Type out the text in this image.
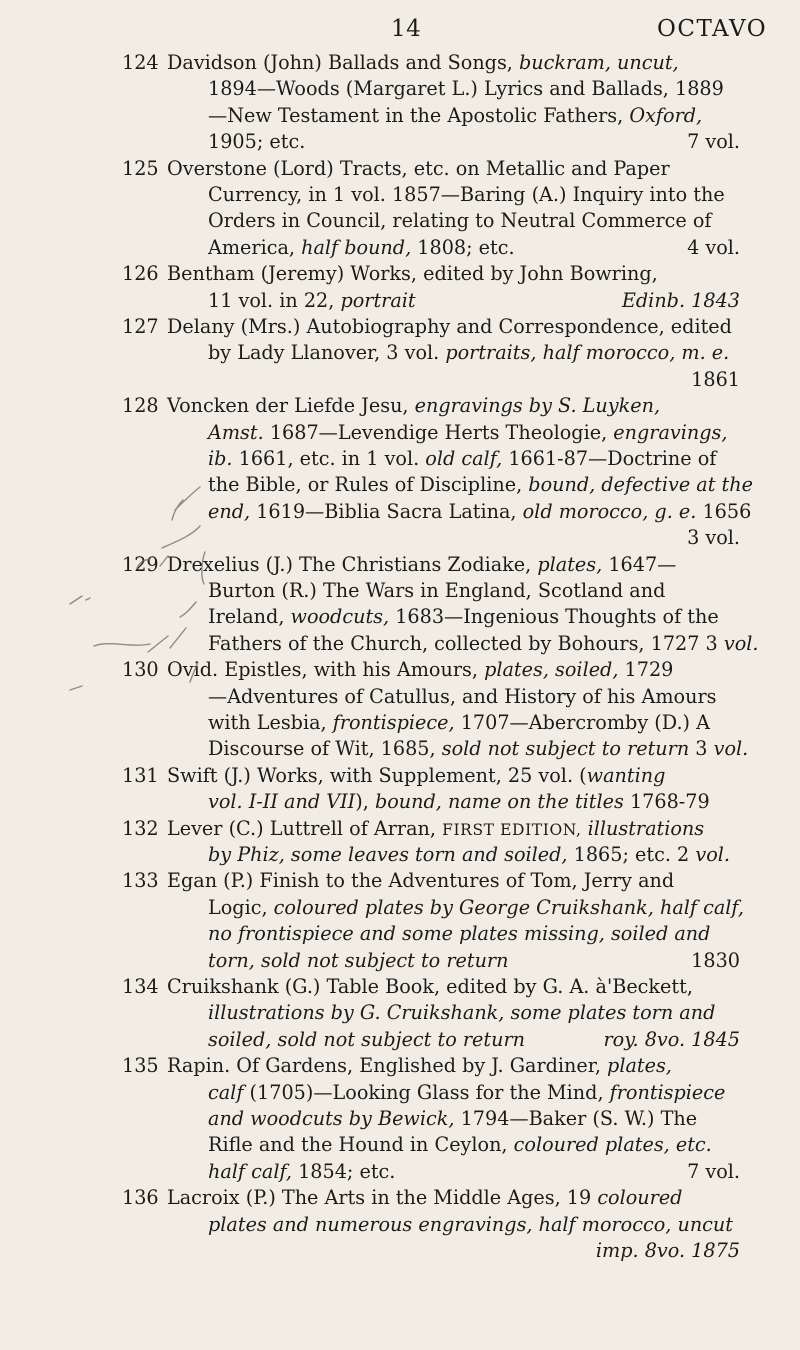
14	OCTAVO
124 Davidson (John) Ballads and Songs, buckram, uncut,
1894—Woods (Margaret L.) Lyrics and Ballads, 1889
—New Testament in the Apostolic Fathers, Oxford,
1905; etc.	7 vol.
125 Overstone (Lord) Tracts, etc. on Metallic and Paper
Currency, in 1 vol. 1857—Baring (A.) Inquiry into the
Orders in Council, relating to Neutral Commerce of
America, half bound, 1808; etc.	4 vol.
126 Bentham (Jeremy) Works, edited by John Bowring,
11 vol. in 22, portrait	Edinb. 1843
127 Delany (Mrs.) Autobiography and Correspondence, edited
by Lady Llanover, 3 vol. portraits, half morocco, m. e.
1861
128 Voncken der Liefde Jesu, engravings by S. Luyken,
Amst. 1687—Levendige Herts Theologie, engravings,
ib. 1661, etc. in 1 vol. old calf, 1661-87—Doctrine of
the Bible, or Rules of Discipline, bound, defective at the
end, 1619—Biblia Sacra Latina, old morocco, g. e. 1656
3 vol.
129 Drexelius (J.) The Christians Zodiake, plates, 1647—
Burton (R.) The Wars in England, Scotland and
Ireland, woodcuts, 1683—Ingenious Thoughts of the
Fathers of the Church, collected by Bohours, 1727 3 vol.
130 Ovid. Epistles, with his Amours, plates, soiled, 1729
—Adventures of Catullus, and History of his Amours
with Lesbia, frontispiece, 1707—Abercromby (D.) A
Discourse of Wit, 1685, sold not subject to return 3 vol.
131 Swift (J.) Works, with Supplement, 25 vol. (wanting
vol. I-II and VII), bound, name on the titles 1768-79
132 Lever (C.) Luttrell of Arran, FIRST EDITION, illustrations
by Phiz, some leaves torn and soiled, 1865; etc. 2 vol.
133 Egan (P.) Finish to the Adventures of Tom, Jerry and
Logic, coloured plates by George Cruikshank, half calf,
no frontispiece and some plates missing, soiled and
torn, sold not subject to return	1830
134 Cruikshank (G.) Table Book, edited by G. A. à'Beckett,
illustrations by G. Cruikshank, some plates torn and
soiled, sold not subject to return	roy. 8vo. 1845
135 Rapin. Of Gardens, Englished by J. Gardiner, plates,
calf (1705)—Looking Glass for the Mind, frontispiece
and woodcuts by Bewick, 1794—Baker (S. W.) The
Rifle and the Hound in Ceylon, coloured plates, etc.
half calf, 1854; etc.	7 vol.
136 Lacroix (P.) The Arts in the Middle Ages, 19 coloured
plates and numerous engravings, half morocco, uncut
imp. 8vo. 1875
